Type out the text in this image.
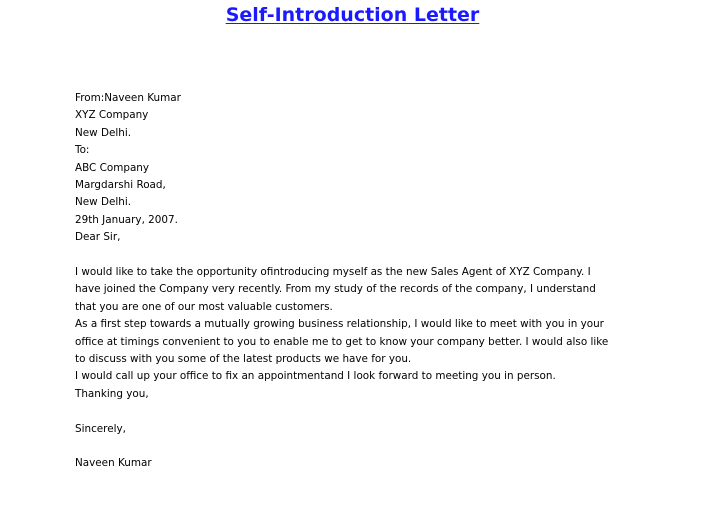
Self-Introduction Letter
From:Naveen Kumar
XYZ Company
New Delhi.
To:
ABC Company
Margdarshi Road,
New Delhi.
29th January, 2007.
Dear Sir,
I would like to take the opportunity ofintroducing myself as the new Sales Agent of XYZ Company. I
have joined the Company very recently. From my study of the records of the company, I understand
that you are one of our most valuable customers.
As a first step towards a mutually growing business relationship, I would like to meet with you in your
office at timings convenient to you to enable me to get to know your company better. I would also like
to discuss with you some of the latest products we have for you.
I would call up your office to fix an appointmentand I look forward to meeting you in person.
Thanking you,
Sincerely,
Naveen Kumar
